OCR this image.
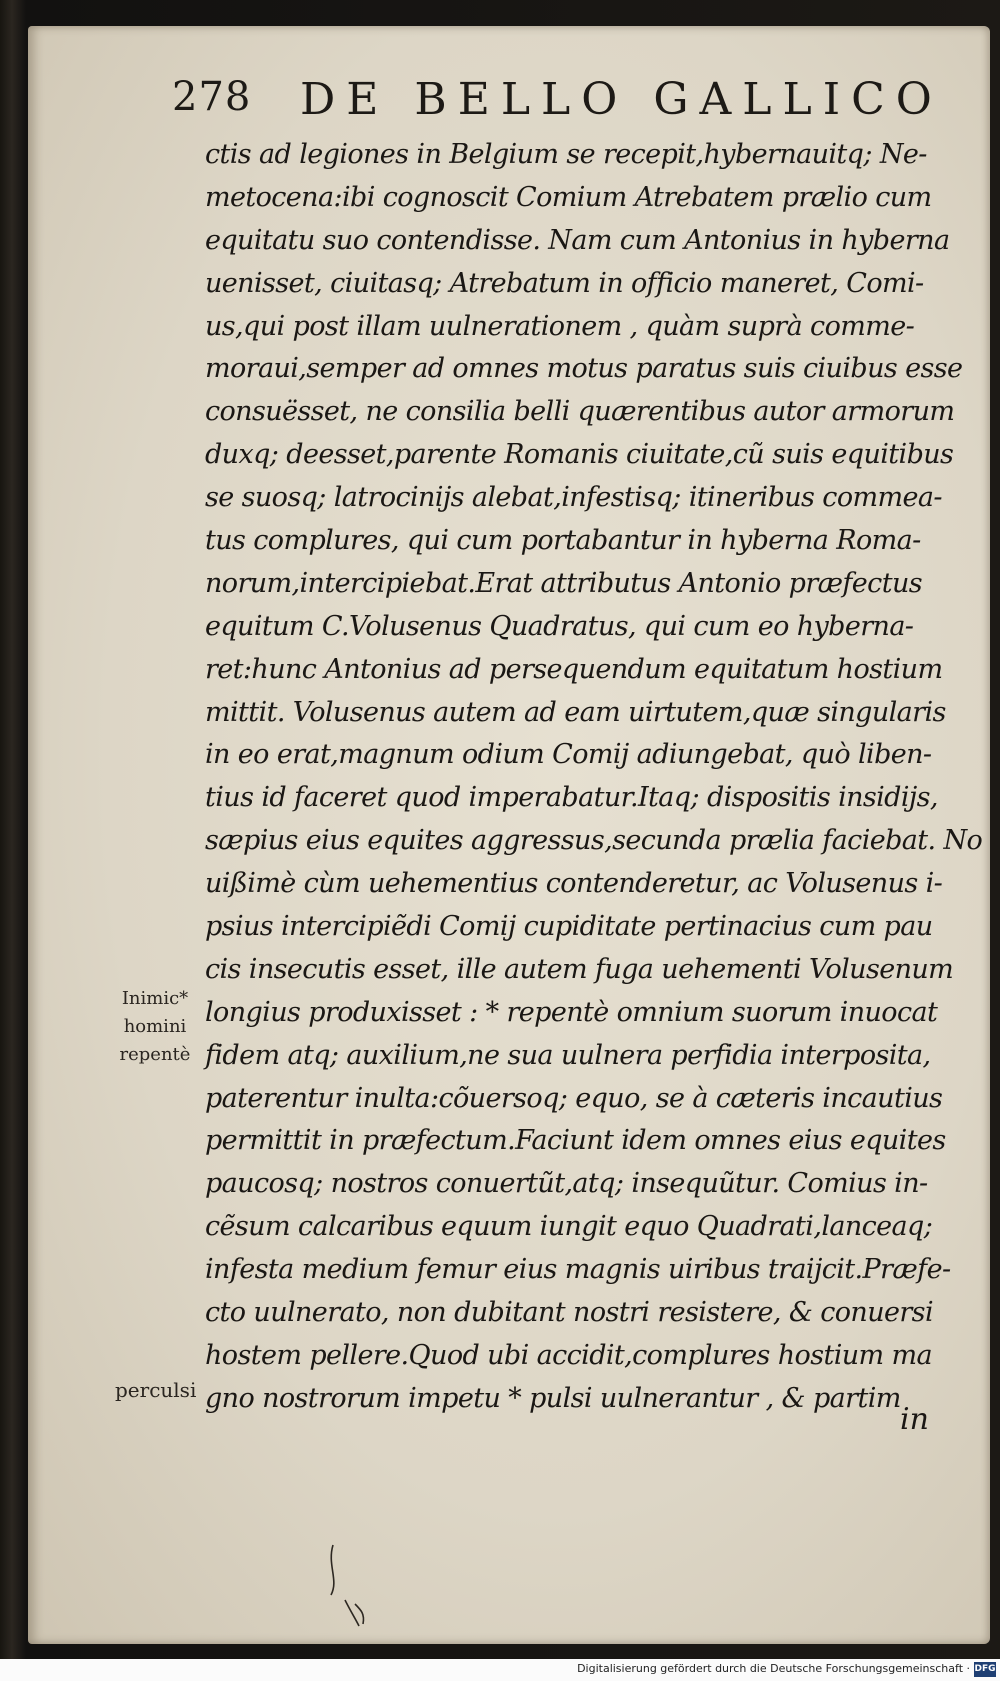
278 DE BELLO GALLICO
ctis ad legiones in Belgium se recepit,hybernauitq; Ne-
metocena:ibi cognoscit Comium Atrebatem prælio cum
equitatu suo contendisse. Nam cum Antonius in hyberna
uenisset, ciuitasq; Atrebatum in officio maneret, Comi-
us,qui post illam uulnerationem , quàm suprà comme-
moraui,semper ad omnes motus paratus suis ciuibus esse
consuësset, ne consilia belli quærentibus autor armorum
duxq; deesset,parente Romanis ciuitate,cũ suis equitibus
se suosq; latrocinijs alebat,infestisq; itineribus commea-
tus complures, qui cum portabantur in hyberna Roma-
norum,intercipiebat.Erat attributus Antonio præfectus
equitum C.Volusenus Quadratus, qui cum eo hyberna-
ret:hunc Antonius ad persequendum equitatum hostium
mittit. Volusenus autem ad eam uirtutem,quæ singularis
in eo erat,magnum odium Comij adiungebat, quò liben-
tius id faceret quod imperabatur.Itaq; dispositis insidijs,
sæpius eius equites aggressus,secunda prælia faciebat. No
uißimè cùm uehementius contenderetur, ac Volusenus i-
psius intercipiẽdi Comij cupiditate pertinacius cum pau
cis insecutis esset, ille autem fuga uehementi Volusenum
longius produxisset : * repentè omnium suorum inuocat
fidem atq; auxilium,ne sua uulnera perfidia interposita,
paterentur inulta:cõuersoq; equo, se à cæteris incautius
permittit in præfectum.Faciunt idem omnes eius equites
paucosq; nostros conuertũt,atq; insequũtur. Comius in-
cẽsum calcaribus equum iungit equo Quadrati,lanceaq;
infesta medium femur eius magnis uiribus traijcit.Præfe-
cto uulnerato, non dubitant nostri resistere, & conuersi
hostem pellere.Quod ubi accidit,complures hostium ma
gno nostrorum impetu * pulsi uulnerantur , & partim
Inimic*
homini
repentè
perculsi
in
Digitalisierung gefördert durch die Deutsche Forschungsgemeinschaft · DFG
